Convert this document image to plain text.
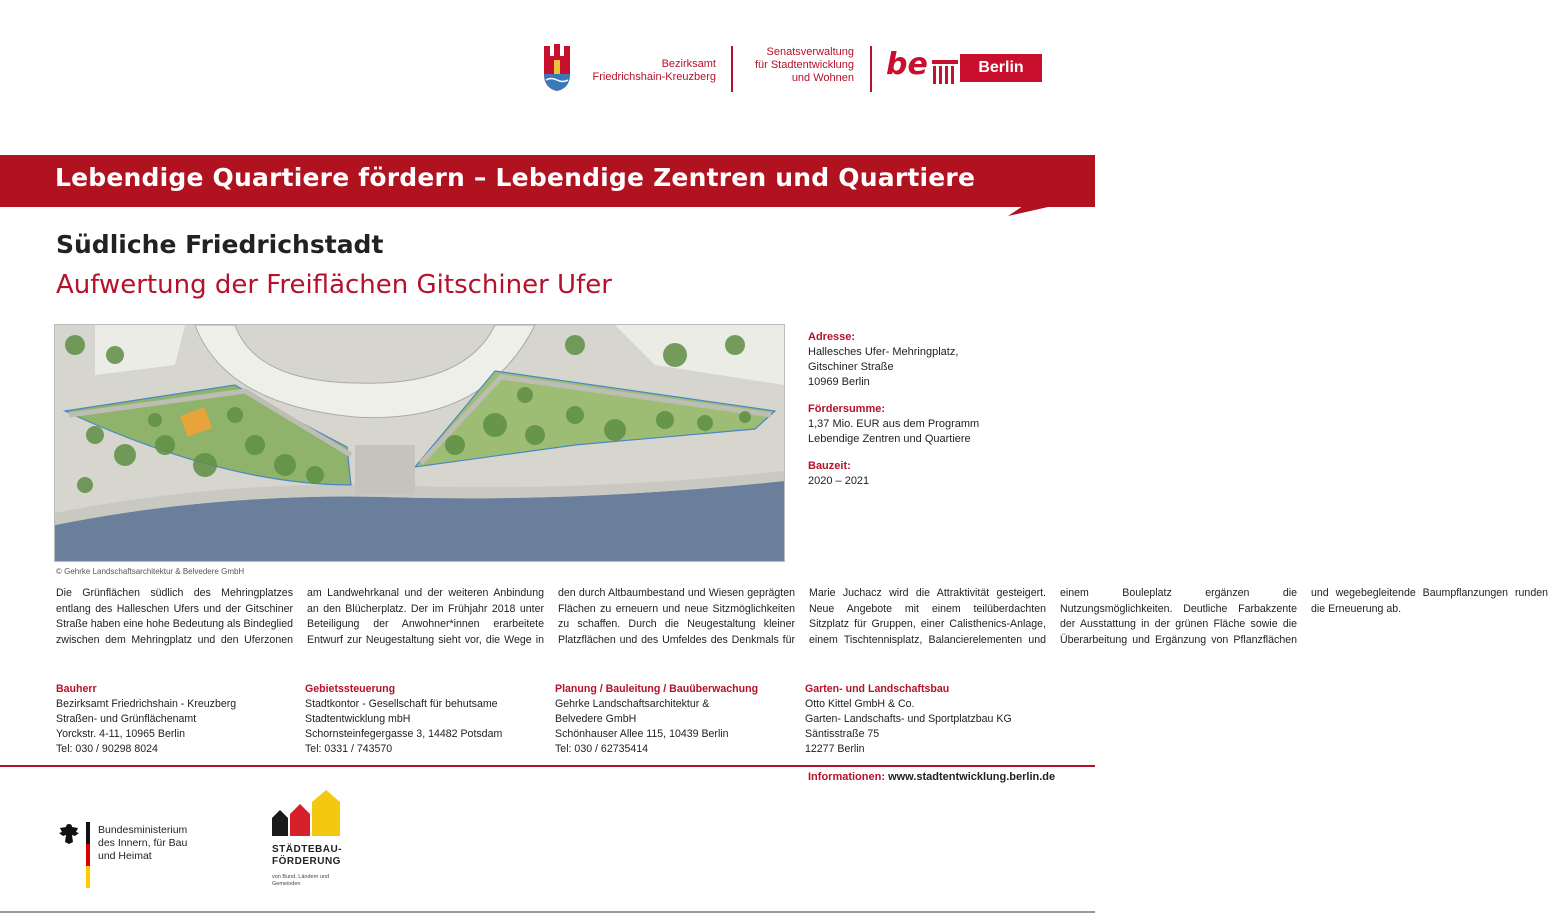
Bezirksamt
Friedrichshain-Kreuzberg
Senatsverwaltung
für Stadtentwicklung
und Wohnen be	Berlin
Lebendige Quartiere fördern – Lebendige Zentren und Quartiere
Südliche Friedrichstadt
Aufwertung der Freiflächen Gitschiner Ufer
© Gehrke Landschaftsarchitektur & Belvedere GmbH
Adresse:
Hallesches Ufer- Mehringplatz,
Gitschiner Straße
10969 Berlin
Fördersumme:
1,37 Mio. EUR aus dem Programm
Lebendige Zentren und Quartiere
Bauzeit:
2020 – 2021
Die Grünflächen südlich des Mehringplatzes entlang des Halleschen Ufers und der Gitschiner Straße haben eine hohe Bedeutung als Bindeglied zwischen dem Mehringplatz und den Uferzonen am Landwehrkanal und der weiteren Anbindung an den Blücherplatz. Der im Frühjahr 2018 unter Beteiligung der Anwohner*innen erarbeitete Entwurf zur Neugestaltung sieht vor, die Wege in den durch Altbaumbestand und Wiesen geprägten Flächen zu erneuern und neue Sitzmöglichkeiten zu schaffen. Durch die Neugestaltung kleiner Platzflächen und des Umfeldes des Denkmals für Marie Juchacz wird die Attraktivität gesteigert. Neue Angebote mit einem teilüberdachten Sitzplatz für Gruppen, einer Calisthenics-Anlage, einem Tischtennisplatz, Balancierelementen und einem Bouleplatz ergänzen die Nutzungsmöglichkeiten. Deutliche Farbakzente der Ausstattung in der grünen Fläche sowie die Überarbeitung und Ergänzung von Pflanzflächen und wegebegleitende Baumpflanzungen runden die Erneuerung ab.
Bauherr
Bezirksamt Friedrichshain - Kreuzberg
Straßen- und Grünflächenamt
Yorckstr. 4-11, 10965 Berlin
Tel: 030 / 90298 8024
Gebietssteuerung
Stadtkontor - Gesellschaft für behutsame
Stadtentwicklung mbH
Schornsteinfegergasse 3, 14482 Potsdam
Tel: 0331 / 743570
Planung / Bauleitung / Bauüberwachung
Gehrke Landschaftsarchitektur &
Belvedere GmbH
Schönhauser Allee 115, 10439 Berlin
Tel: 030 / 62735414
Garten- und Landschaftsbau
Otto Kittel GmbH & Co.
Garten- Landschafts- und Sportplatzbau KG
Säntisstraße 75
12277 Berlin
Informationen: www.stadtentwicklung.berlin.de
Bundesministerium
des Innern, für Bau
und Heimat
STÄDTEBAU-
FÖRDERUNG
von Bund, Ländern und
Gemeinden
